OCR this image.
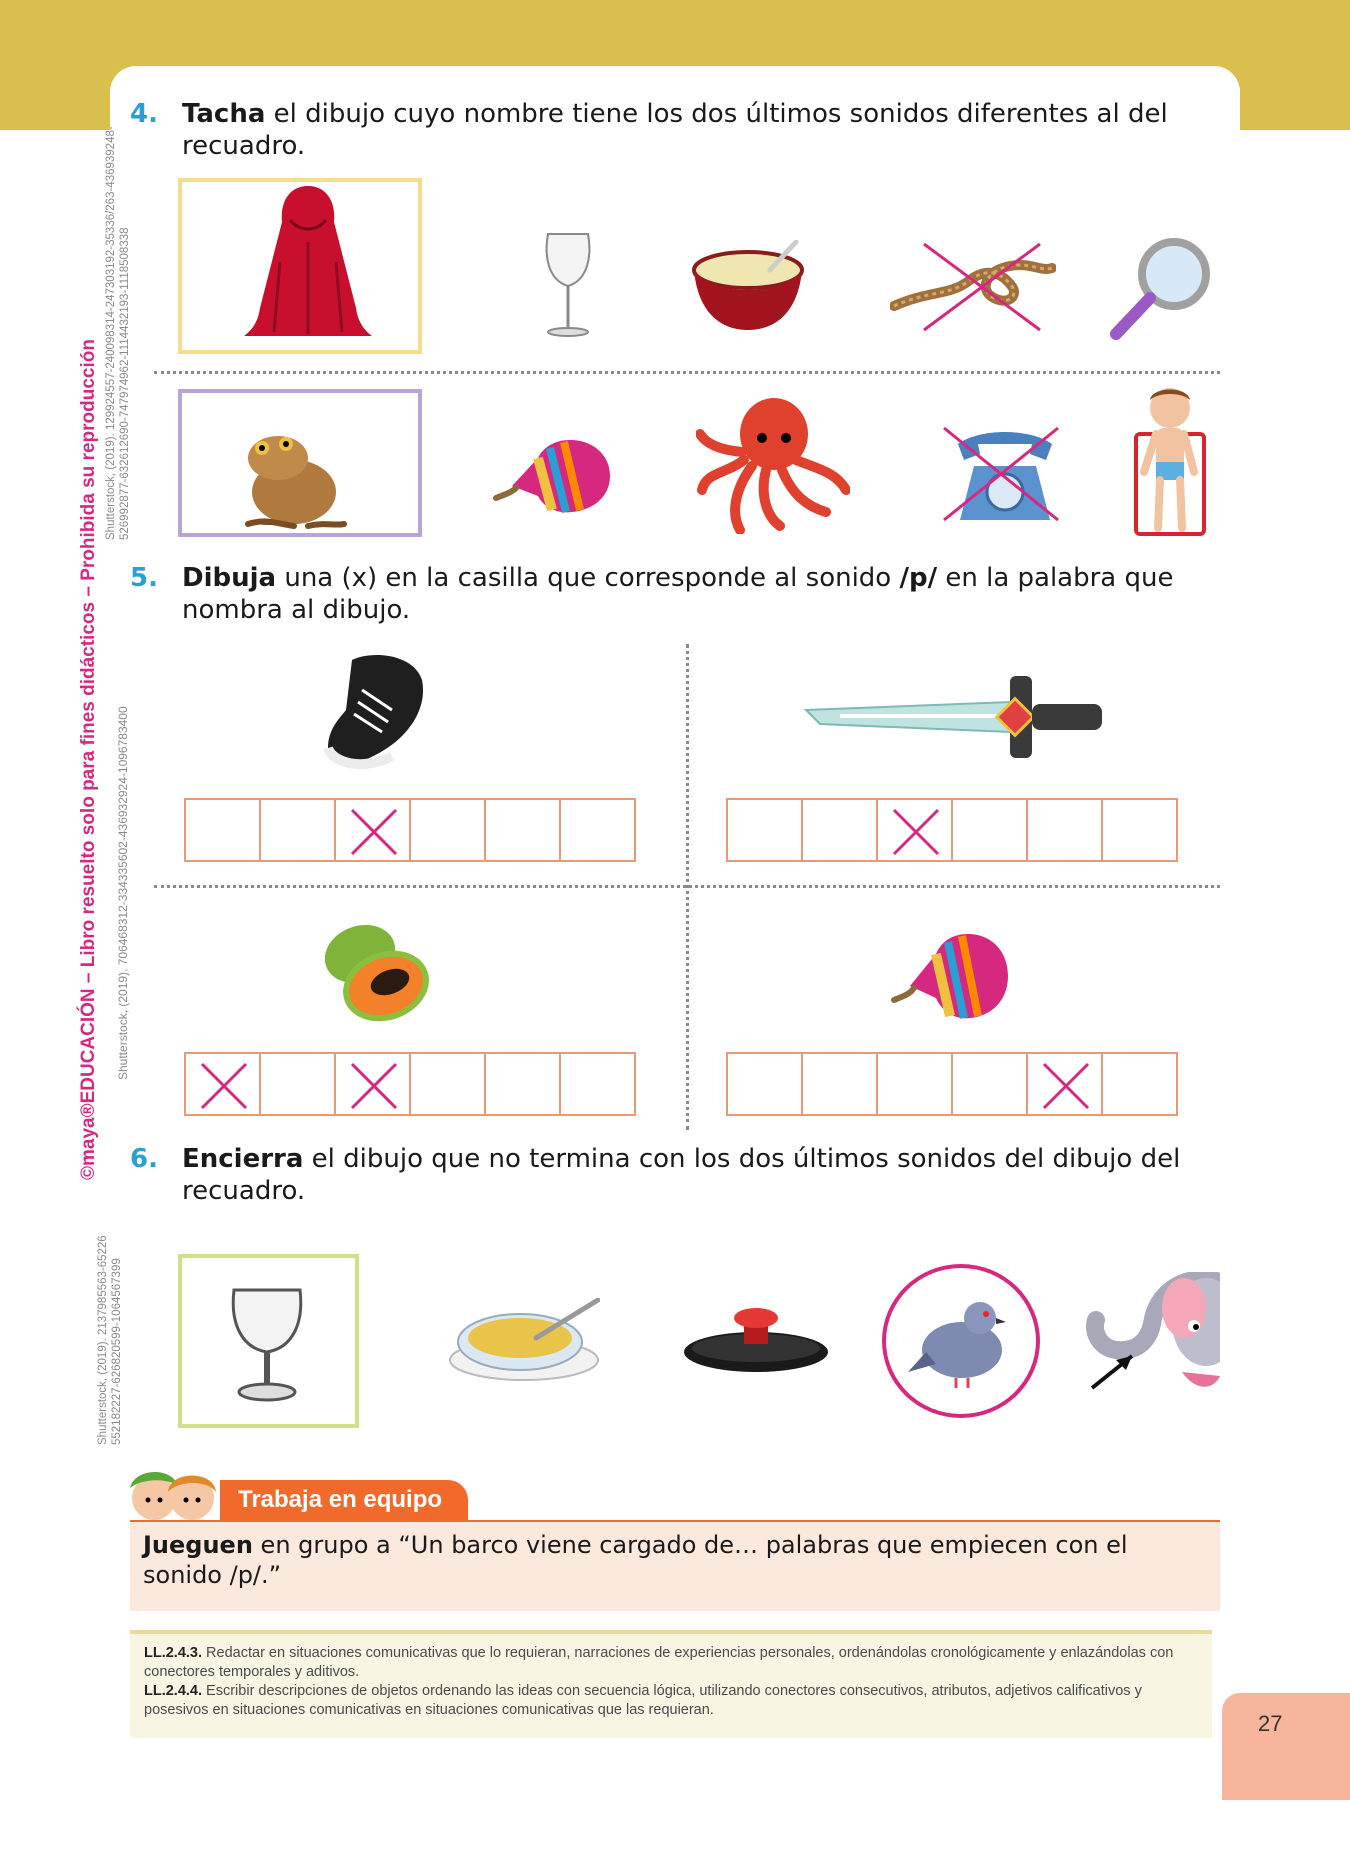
©maya®EDUCACIÓN – Libro resuelto solo para fines didácticos – Prohibida su reproducción
Shutterstock, (2019). 129924557-240098314-247303192-35336/263-436939248- 526992877-632612690-747974962-1114432193-1118508338
Shutterstock, (2019). 706468312-334335602-436932924-1096783400
Shutterstock, (2019). 2137985563-65226 552182227-626820599-1064567399
4. Tacha el dibujo cuyo nombre tiene los dos últimos sonidos diferentes al del recuadro.
5. Dibuja una (x) en la casilla que corresponde al sonido /p/ en la palabra que nombra al dibujo.
6. Encierra el dibujo que no termina con los dos últimos sonidos del dibujo del recuadro.
Trabaja en equipo
Jueguen en grupo a “Un barco viene cargado de… palabras que empiecen con el sonido /p/.”

LL.2.4.3. Redactar en situaciones comunicativas que lo requieran, narraciones de experiencias personales, ordenándolas cronológicamente y enlazándolas con conectores temporales y aditivos.

LL.2.4.4. Escribir descripciones de objetos ordenando las ideas con secuencia lógica, utilizando conectores consecutivos, atributos, adjetivos calificativos y posesivos en situaciones comunicativas en situaciones comunicativas que las requieran.

27
